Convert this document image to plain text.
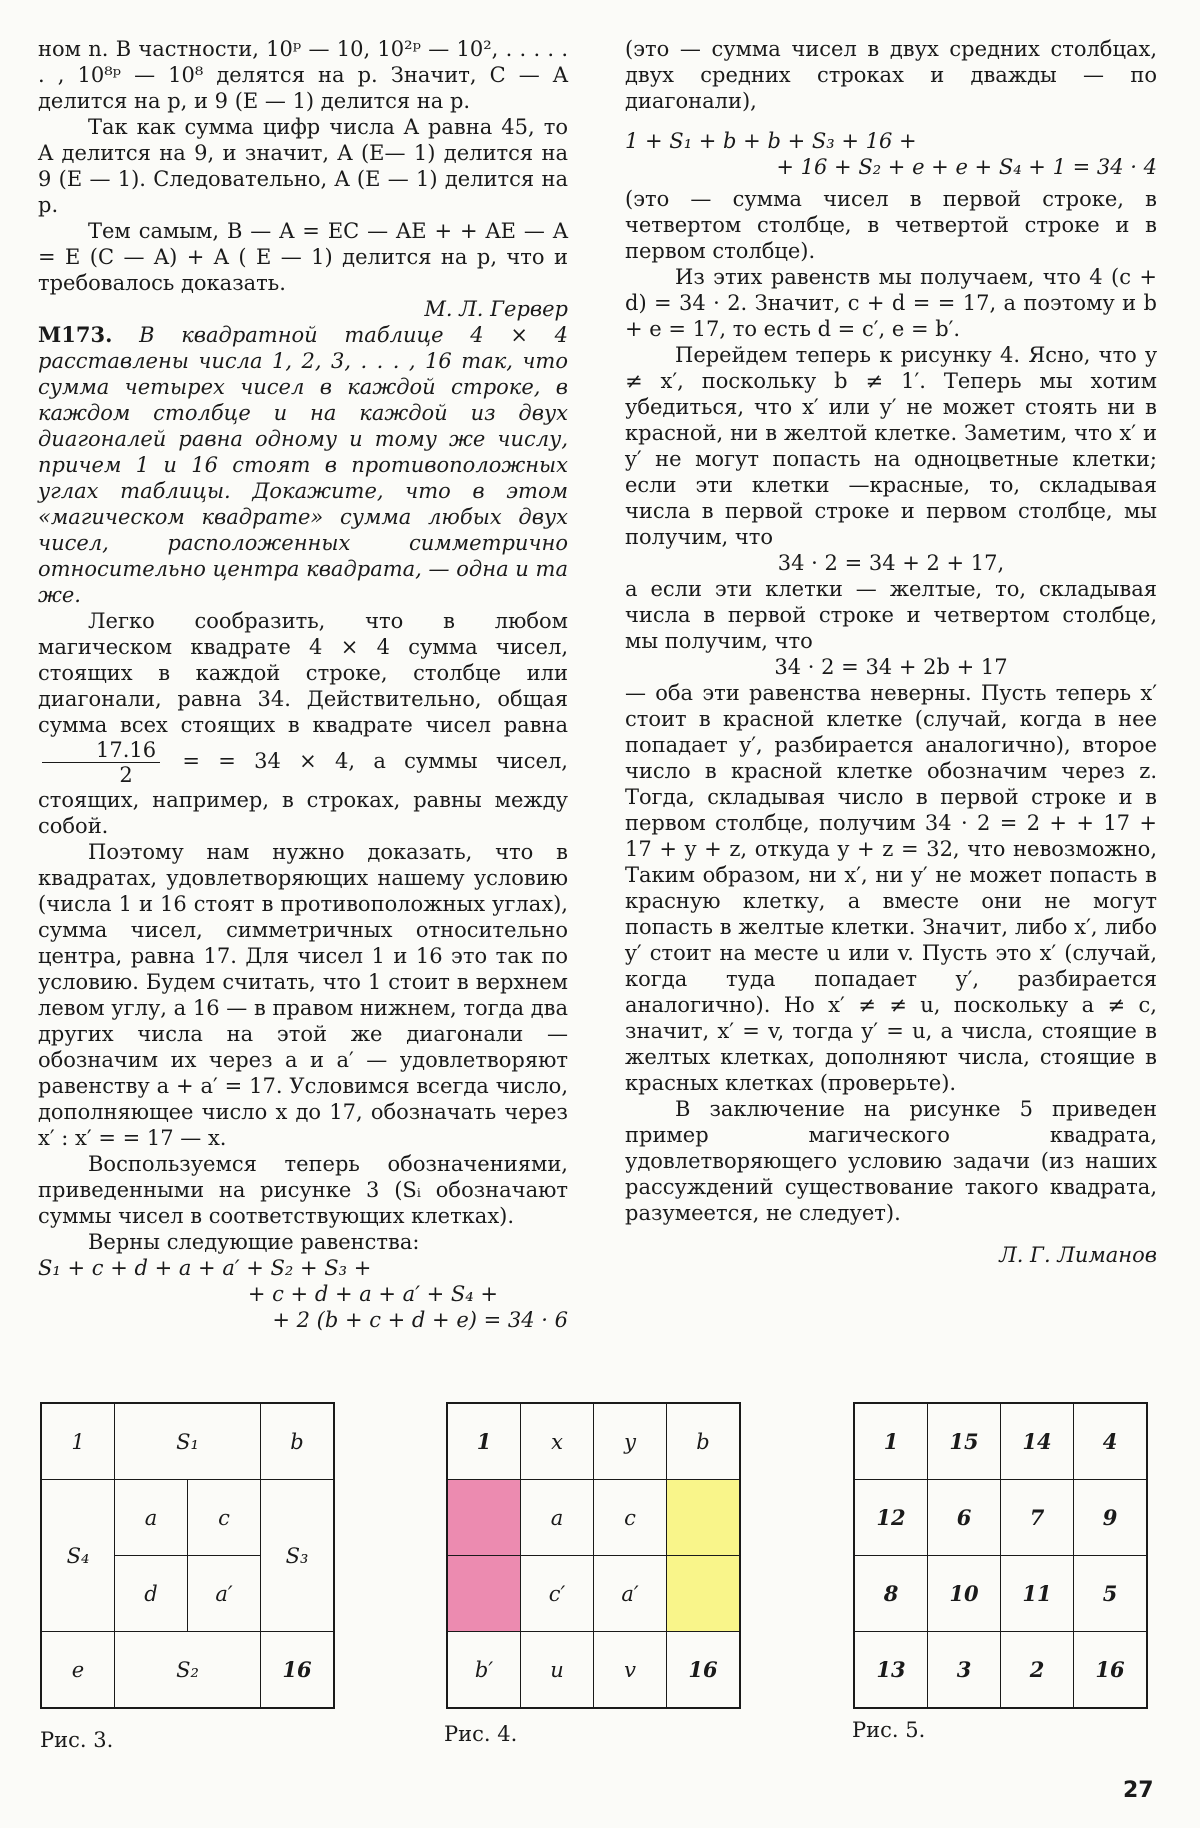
ном n. В частности, 10ᵖ — 10, 10²ᵖ — 10², . . . . . . , 10⁸ᵖ — 10⁸ делятся на p. Значит, C — A делится на p, и 9 (E — 1) делится на p.

Так как сумма цифр числа A равна 45, то A делится на 9, и значит, A (E— 1) делится на 9 (E — 1). Следовательно, A (E — 1) делится на p.

Тем самым, B — A = EC — AE + + AE — A = E (C — A) + A ( E — 1) делится на p, что и требовалось доказать.

М. Л. Гервер

М173. В квадратной таблице 4 × 4 расставлены числа 1, 2, 3, . . . , 16 так, что сумма четырех чисел в каждой строке, в каждом столбце и на каждой из двух диагоналей равна одному и тому же числу, причем 1 и 16 стоят в противоположных углах таблицы. Докажите, что в этом «магическом квадрате» сумма любых двух чисел, расположенных симметрично относительно центра квадрата, — одна и та же.

Легко сообразить, что в любом магическом квадрате 4 × 4 сумма чисел, стоящих в каждой строке, столбце или диагонали, равна 34. Действительно, общая сумма всех стоящих в квадрате чисел равна
$\frac{17.16}{2}$ = = 34 × 4, а суммы чисел, стоящих, например, в строках, равны между собой.

Поэтому нам нужно доказать, что в квадратах, удовлетворяющих нашему условию (числа 1 и 16 стоят в противоположных углах), сумма чисел, симметричных относительно центра, равна 17. Для чисел 1 и 16 это так по условию. Будем считать, что 1 стоит в верхнем левом углу, а 16 — в правом нижнем, тогда два других числа на этой же диагонали — обозначим их через a и a′ — удовлетворяют равенству a + a′ = 17. Условимся всегда число, дополняющее число x до 17, обозначать через x′ : x′ = = 17 — x.

Воспользуемся теперь обозначениями, приведенными на рисунке 3 (Sᵢ обозначают суммы чисел в соответствующих клетках).

Верны следующие равенства:

S₁ + c + d + a + a′ + S₂ + S₃ +
+ c + d + a + a′ + S₄ +
+ 2 (b + c + d + e) = 34 · 6

(это — сумма чисел в двух средних столбцах, двух средних строках и дважды — по диагонали),

1 + S₁ + b + b + S₃ + 16 +
+ 16 + S₂ + e + e + S₄ + 1 = 34 · 4

(это — сумма чисел в первой строке, в четвертом столбце, в четвертой строке и в первом столбце).

Из этих равенств мы получаем, что 4 (c + d) = 34 · 2. Значит, c + d = = 17, а поэтому и b + e = 17, то есть d = c′, e = b′.

Перейдем теперь к рисунку 4. Ясно, что y ≠ x′, поскольку b ≠ 1′. Теперь мы хотим убедиться, что x′ или y′ не может стоять ни в красной, ни в желтой клетке. Заметим, что x′ и y′ не могут попасть на одноцветные клетки; если эти клетки —красные, то, складывая числа в первой строке и первом столбце, мы получим, что

34 · 2 = 34 + 2 + 17,

а если эти клетки — желтые, то, складывая числа в первой строке и четвертом столбце, мы получим, что

34 · 2 = 34 + 2b + 17

— оба эти равенства неверны. Пусть теперь x′ стоит в красной клетке (случай, когда в нее попадает y′, разбирается аналогично), второе число в красной клетке обозначим через z. Тогда, складывая число в первой строке и в первом столбце, получим 34 · 2 = 2 + + 17 + 17 + y + z, откуда y + z = 32, что невозможно, Таким образом, ни x′, ни y′ не может попасть в красную клетку, а вместе они не могут попасть в желтые клетки. Значит, либо x′, либо y′ стоит на месте u или v. Пусть это x′ (случай, когда туда попадает y′, разбирается аналогично). Но x′ ≠ ≠ u, поскольку a ≠ c, значит, x′ = v, тогда y′ = u, а числа, стоящие в желтых клетках, дополняют числа, стоящие в красных клетках (проверьте).

В заключение на рисунке 5 приведен пример магического квадрата, удовлетворяющего условию задачи (из наших рассуждений существование такого квадрата, разумеется, не следует).

Л. Г. Лиманов

1	S₁		b
S₄	a	c	S₃
	d	a′	
e	S₂		16
Рис. 3.
1	x	y	b
	a	c	
	c′	a′	
b′	u	v	16
Рис. 4.
1	15	14	4
12	6	7	9
8	10	11	5
13	3	2	16
Рис. 5.
27
